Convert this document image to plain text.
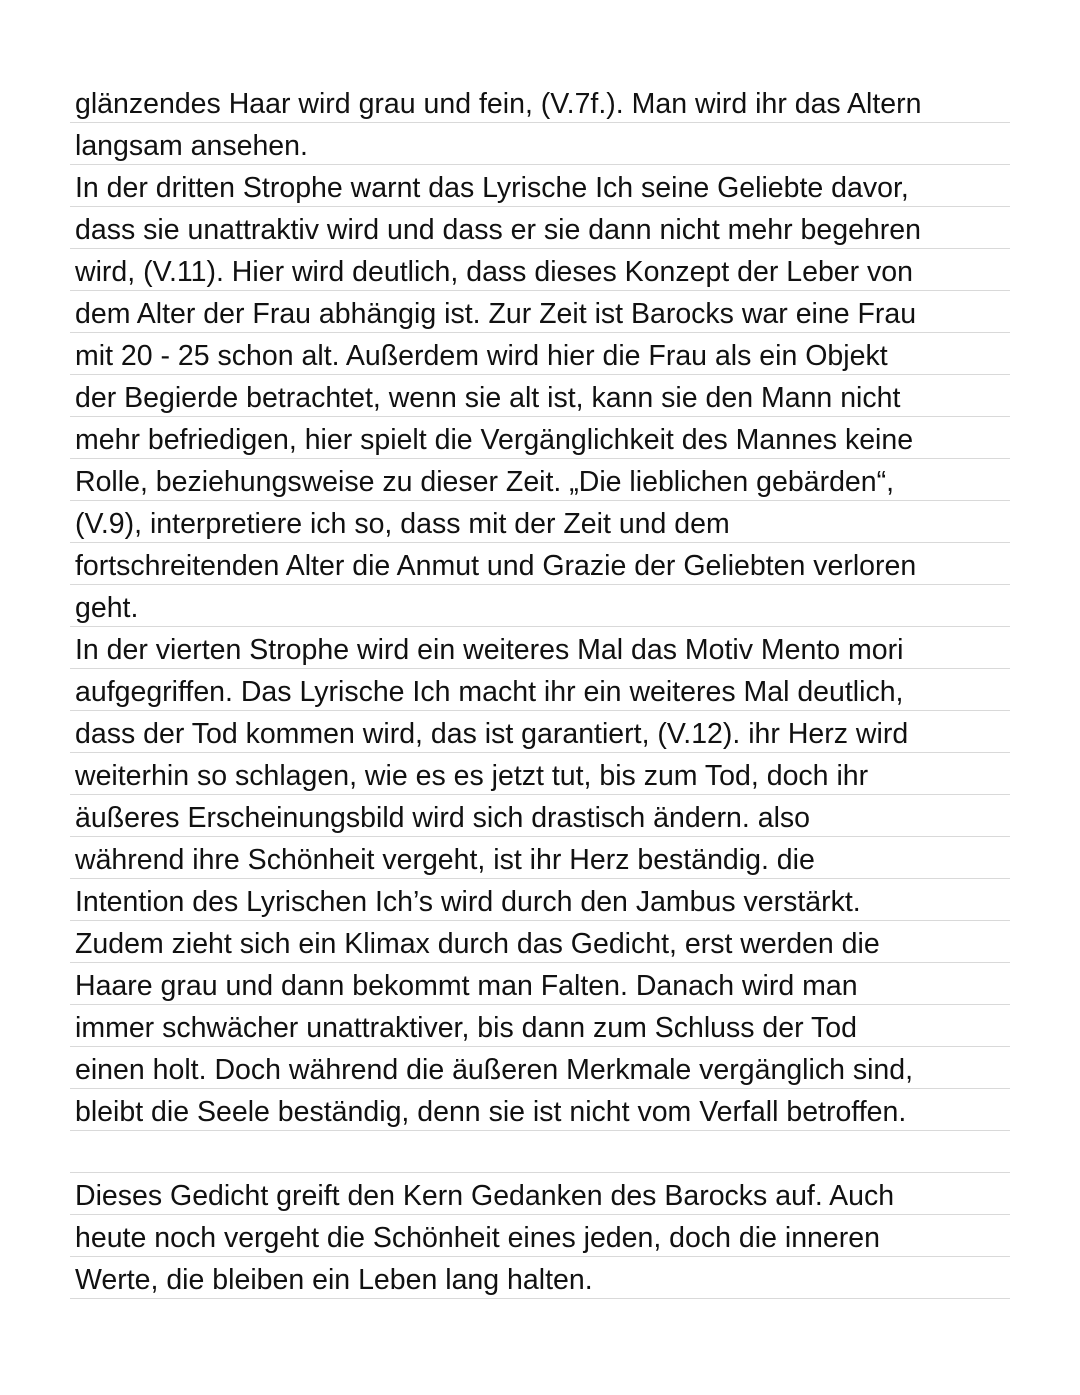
glänzendes Haar wird grau und fein, (V.7f.). Man wird ihr das Altern
langsam ansehen.
In der dritten Strophe warnt das Lyrische Ich seine Geliebte davor,
dass sie unattraktiv wird und dass er sie dann nicht mehr begehren
wird, (V.11). Hier wird deutlich, dass dieses Konzept der Leber von
dem Alter der Frau abhängig ist. Zur Zeit ist Barocks war eine Frau
mit 20 - 25 schon alt. Außerdem wird hier die Frau als ein Objekt
der Begierde betrachtet, wenn sie alt ist, kann sie den Mann nicht
mehr befriedigen, hier spielt die Vergänglichkeit des Mannes keine
Rolle, beziehungsweise zu dieser Zeit. „Die lieblichen gebärden“,
(V.9), interpretiere ich so, dass mit der Zeit und dem
fortschreitenden Alter die Anmut und Grazie der Geliebten verloren
geht.
In der vierten Strophe wird ein weiteres Mal das Motiv Mento mori
aufgegriffen. Das Lyrische Ich macht ihr ein weiteres Mal deutlich,
dass der Tod kommen wird, das ist garantiert, (V.12). ihr Herz wird
weiterhin so schlagen, wie es es jetzt tut, bis zum Tod, doch ihr
äußeres Erscheinungsbild wird sich drastisch ändern. also
während ihre Schönheit vergeht, ist ihr Herz beständig. die
Intention des Lyrischen Ich’s wird durch den Jambus verstärkt.
Zudem zieht sich ein Klimax durch das Gedicht, erst werden die
Haare grau und dann bekommt man Falten. Danach wird man
immer schwächer unattraktiver, bis dann zum Schluss der Tod
einen holt. Doch während die äußeren Merkmale vergänglich sind,
bleibt die Seele beständig, denn sie ist nicht vom Verfall betroffen.
Dieses Gedicht greift den Kern Gedanken des Barocks auf. Auch
heute noch vergeht die Schönheit eines jeden, doch die inneren
Werte, die bleiben ein Leben lang halten.
